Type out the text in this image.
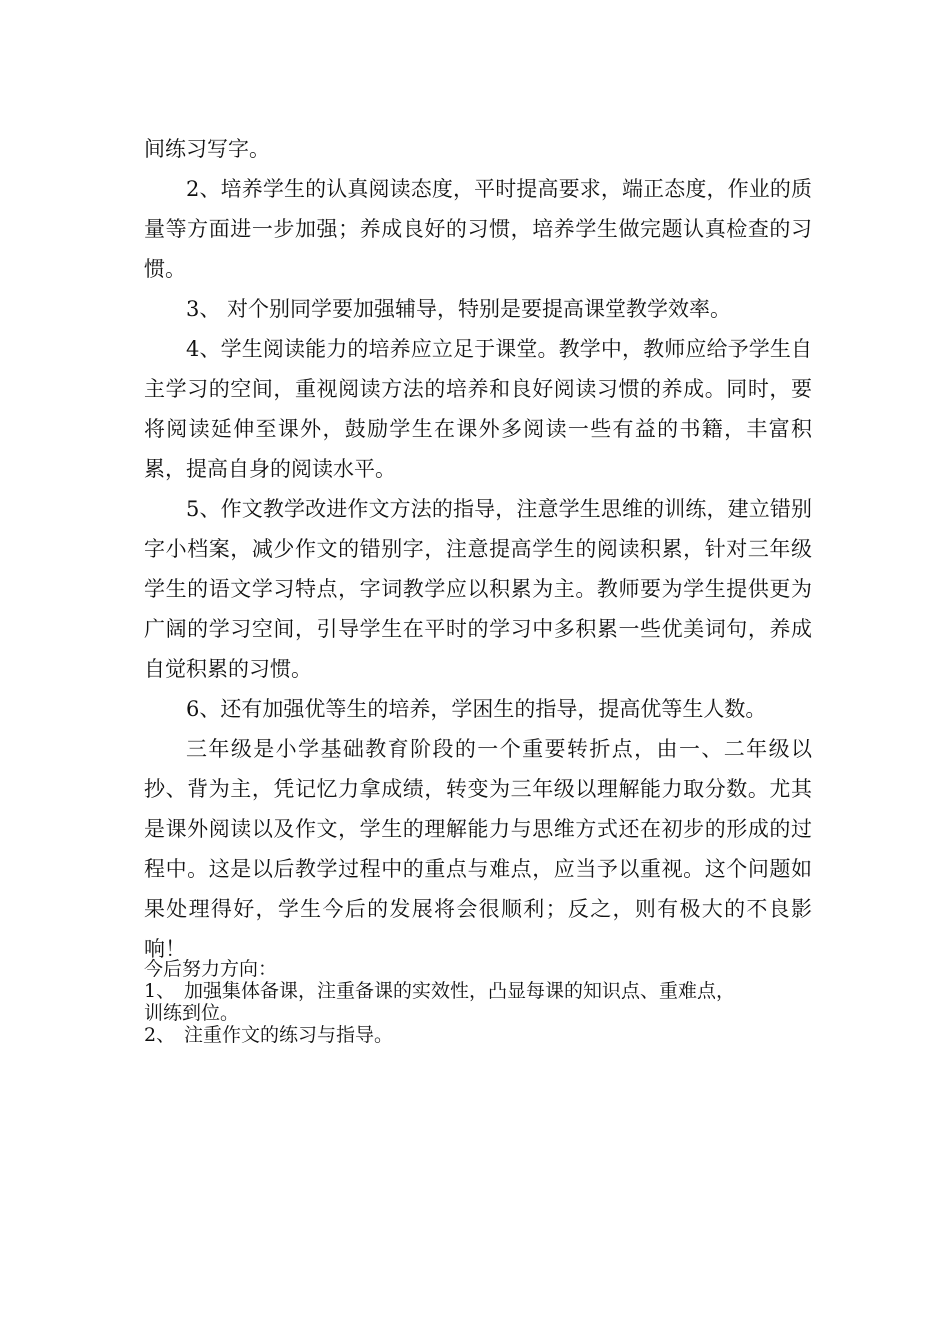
间练习写字。

2、培养学生的认真阅读态度，平时提高要求，端正态度，作业的质量等方面进一步加强；养成良好的习惯，培养学生做完题认真检查的习惯。

3、 对个别同学要加强辅导，特别是要提高课堂教学效率。

4、学生阅读能力的培养应立足于课堂。教学中，教师应给予学生自主学习的空间，重视阅读方法的培养和良好阅读习惯的养成。同时，要将阅读延伸至课外，鼓励学生在课外多阅读一些有益的书籍，丰富积累，提高自身的阅读水平。

5、作文教学改进作文方法的指导，注意学生思维的训练，建立错别字小档案，减少作文的错别字，注意提高学生的阅读积累，针对三年级学生的语文学习特点，字词教学应以积累为主。教师要为学生提供更为广阔的学习空间，引导学生在平时的学习中多积累一些优美词句，养成自觉积累的习惯。

6、还有加强优等生的培养，学困生的指导，提高优等生人数。

三年级是小学基础教育阶段的一个重要转折点，由一、二年级以抄、背为主，凭记忆力拿成绩，转变为三年级以理解能力取分数。尤其是课外阅读以及作文，学生的理解能力与思维方式还在初步的形成的过程中。这是以后教学过程中的重点与难点，应当予以重视。这个问题如果处理得好，学生今后的发展将会很顺利；反之，则有极大的不良影响！

今后努力方向：

1、 加强集体备课，注重备课的实效性，凸显每课的知识点、重难点，
训练到位。
2、 注重作文的练习与指导。
